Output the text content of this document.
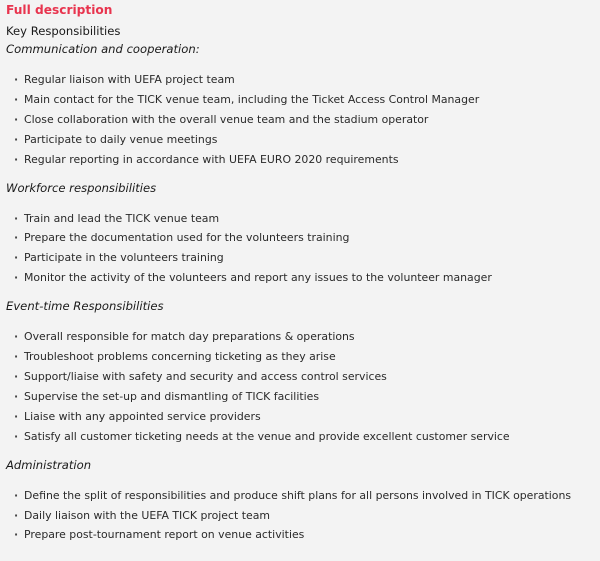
Full description
Key Responsibilities
Communication and cooperation:
· Regular liaison with UEFA project team
· Main contact for the TICK venue team, including the Ticket Access Control Manager
· Close collaboration with the overall venue team and the stadium operator
· Participate to daily venue meetings
· Regular reporting in accordance with UEFA EURO 2020 requirements
Workforce responsibilities
· Train and lead the TICK venue team
· Prepare the documentation used for the volunteers training
· Participate in the volunteers training
· Monitor the activity of the volunteers and report any issues to the volunteer manager
Event-time Responsibilities
· Overall responsible for match day preparations & operations
· Troubleshoot problems concerning ticketing as they arise
· Support/liaise with safety and security and access control services
· Supervise the set-up and dismantling of TICK facilities
· Liaise with any appointed service providers
· Satisfy all customer ticketing needs at the venue and provide excellent customer service
Administration
· Define the split of responsibilities and produce shift plans for all persons involved in TICK operations
· Daily liaison with the UEFA TICK project team
· Prepare post-tournament report on venue activities
